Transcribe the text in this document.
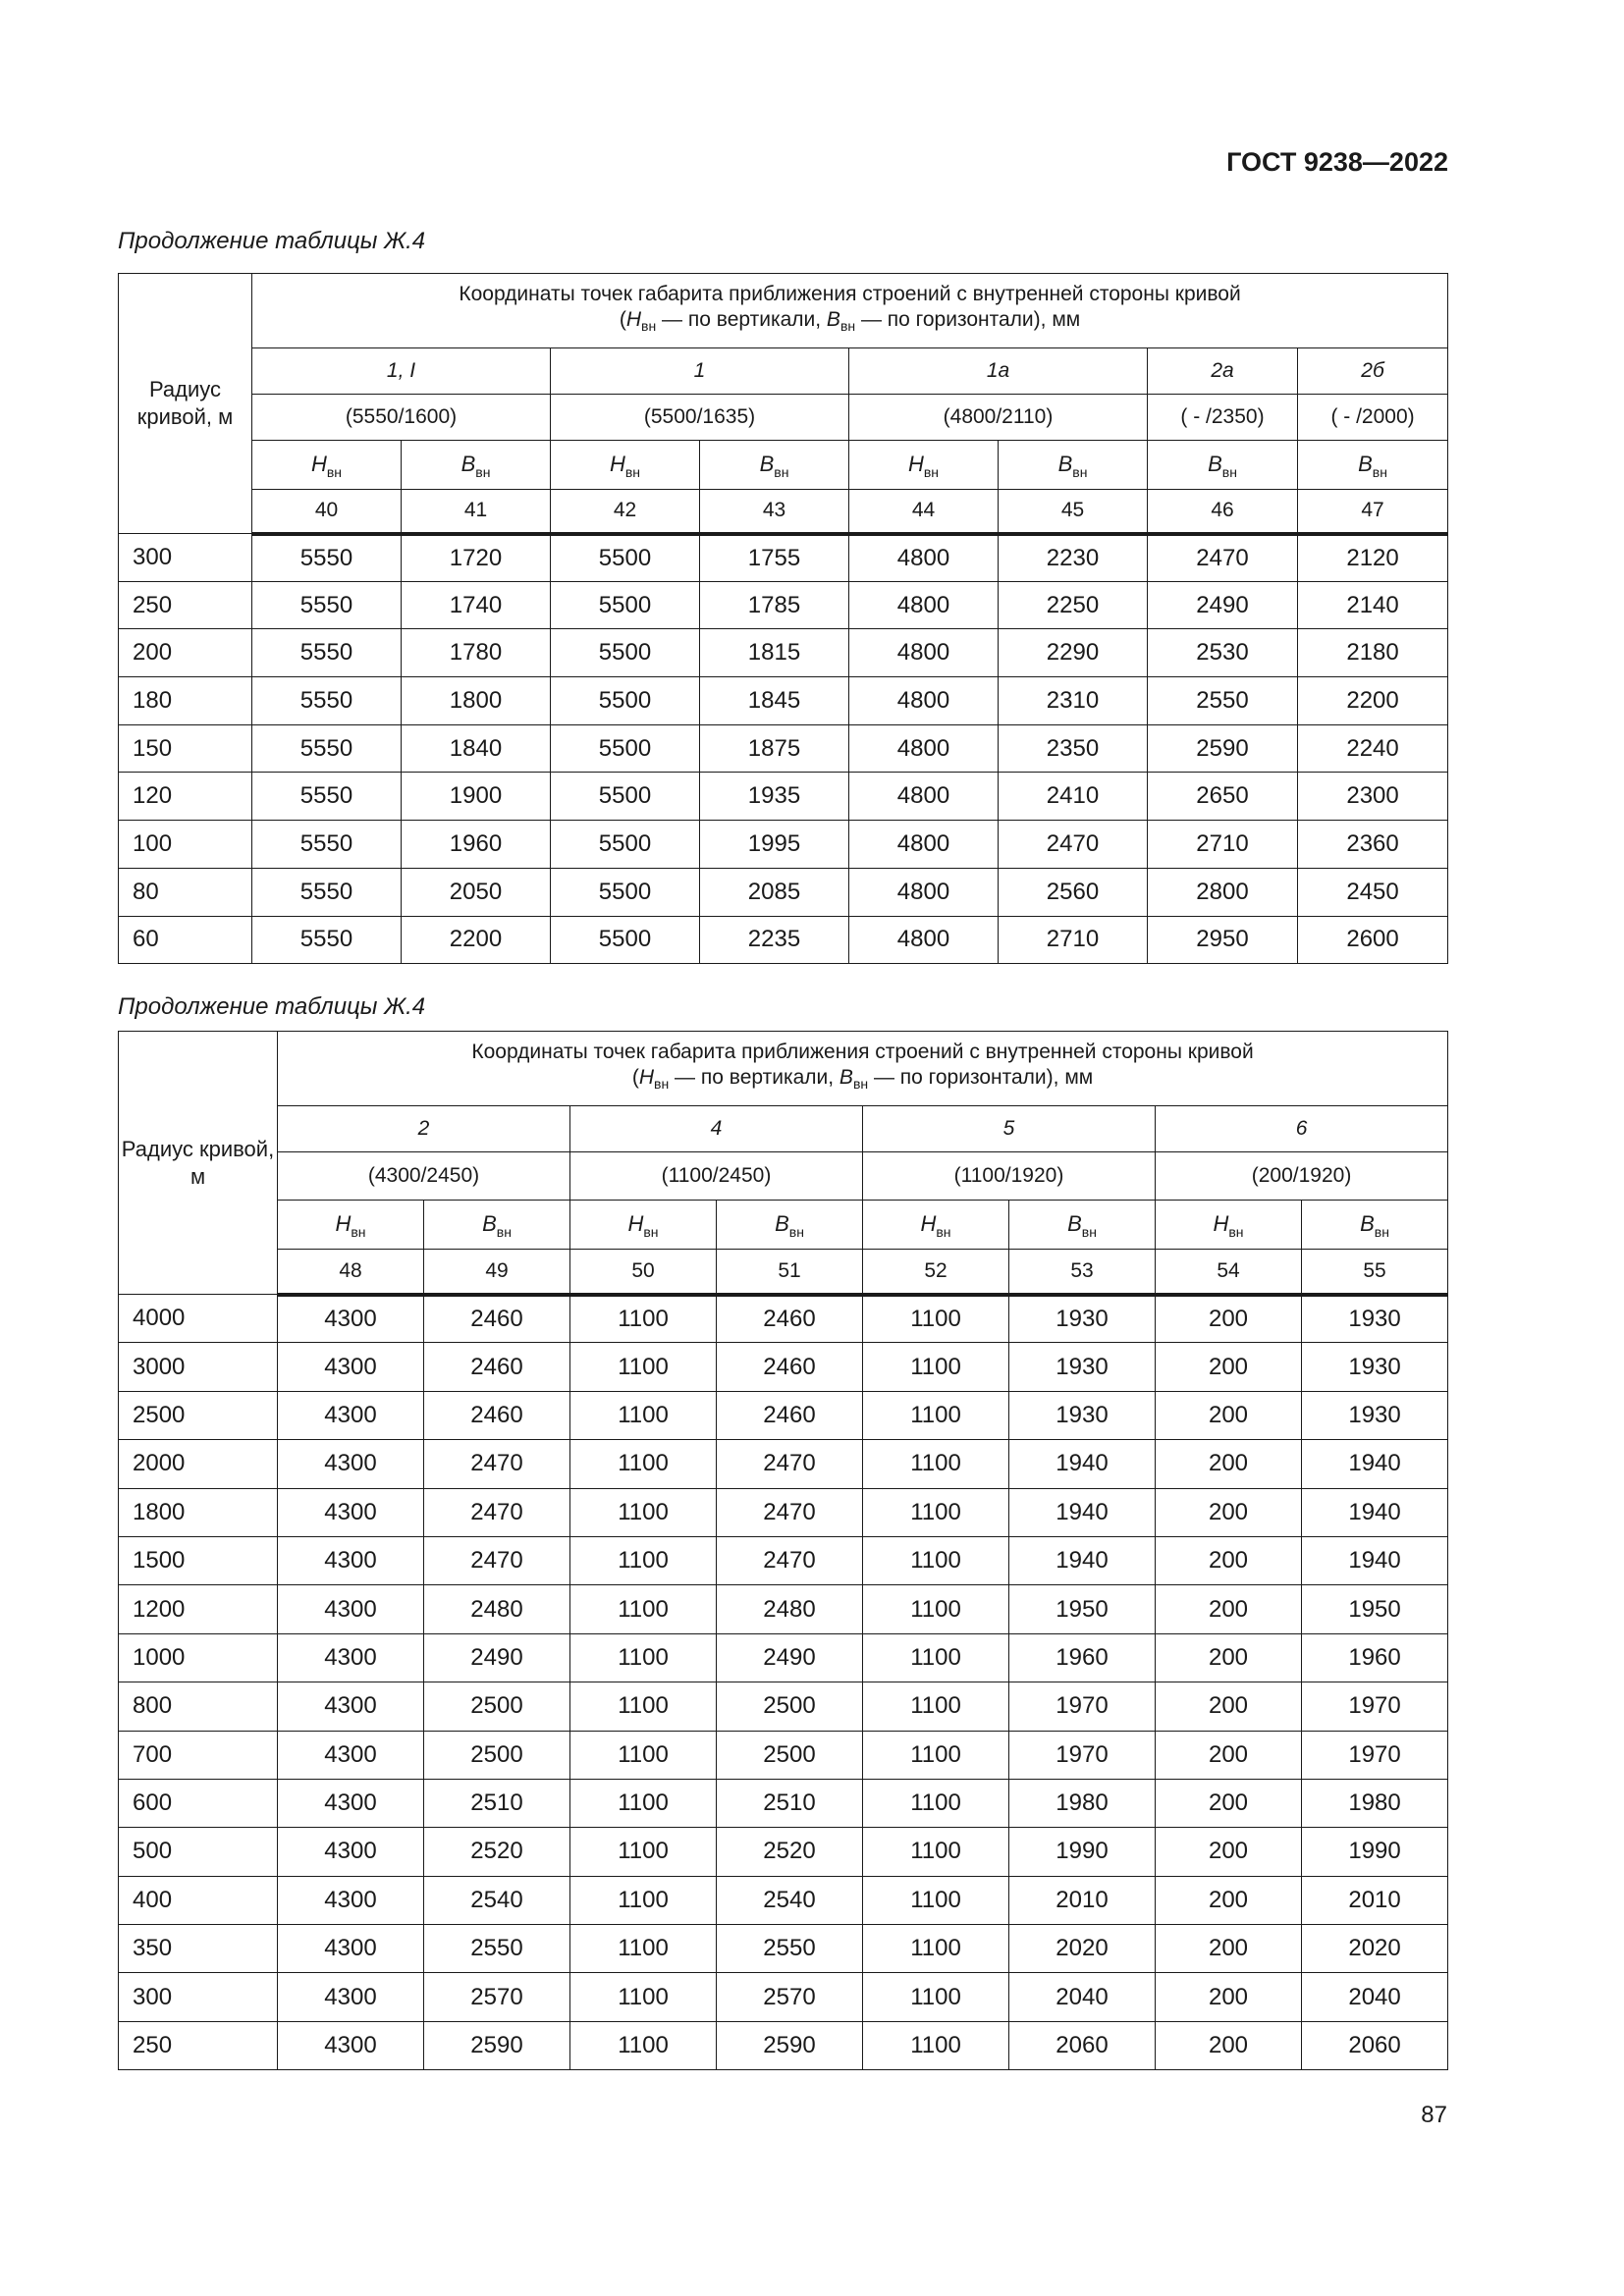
ГОСТ 9238—2022
Продолжение таблицы Ж.4
Радиус кривой, м	Координаты точек габарита приближения строений с внутренней стороны кривой
($H_{вн}$ — по вертикали, $B_{вн}$ — по горизонтали), мм							
	1, I		1		1а		2а	2б
	(5550/1600)		(5500/1635)		(4800/2110)		( - /2350)	( - /2000)
	$H_{вн}$	$B_{вн}$	$H_{вн}$	$B_{вн}$	$H_{вн}$	$B_{вн}$	$B_{вн}$	$B_{вн}$
	40	41	42	43	44	45	46	47
300	5550	1720	5500	1755	4800	2230	2470	2120
250	5550	1740	5500	1785	4800	2250	2490	2140
200	5550	1780	5500	1815	4800	2290	2530	2180
180	5550	1800	5500	1845	4800	2310	2550	2200
150	5550	1840	5500	1875	4800	2350	2590	2240
120	5550	1900	5500	1935	4800	2410	2650	2300
100	5550	1960	5500	1995	4800	2470	2710	2360
80	5550	2050	5500	2085	4800	2560	2800	2450
60	5550	2200	5500	2235	4800	2710	2950	2600
Продолжение таблицы Ж.4
Радиус кривой, м	Координаты точек габарита приближения строений с внутренней стороны кривой
($H_{вн}$ — по вертикали, $B_{вн}$ — по горизонтали), мм							
	2		4		5		6	
	(4300/2450)		(1100/2450)		(1100/1920)		(200/1920)	
	$H_{вн}$	$B_{вн}$	$H_{вн}$	$B_{вн}$	$H_{вн}$	$B_{вн}$	$H_{вн}$	$B_{вн}$
	48	49	50	51	52	53	54	55
4000	4300	2460	1100	2460	1100	1930	200	1930
3000	4300	2460	1100	2460	1100	1930	200	1930
2500	4300	2460	1100	2460	1100	1930	200	1930
2000	4300	2470	1100	2470	1100	1940	200	1940
1800	4300	2470	1100	2470	1100	1940	200	1940
1500	4300	2470	1100	2470	1100	1940	200	1940
1200	4300	2480	1100	2480	1100	1950	200	1950
1000	4300	2490	1100	2490	1100	1960	200	1960
800	4300	2500	1100	2500	1100	1970	200	1970
700	4300	2500	1100	2500	1100	1970	200	1970
600	4300	2510	1100	2510	1100	1980	200	1980
500	4300	2520	1100	2520	1100	1990	200	1990
400	4300	2540	1100	2540	1100	2010	200	2010
350	4300	2550	1100	2550	1100	2020	200	2020
300	4300	2570	1100	2570	1100	2040	200	2040
250	4300	2590	1100	2590	1100	2060	200	2060
87
